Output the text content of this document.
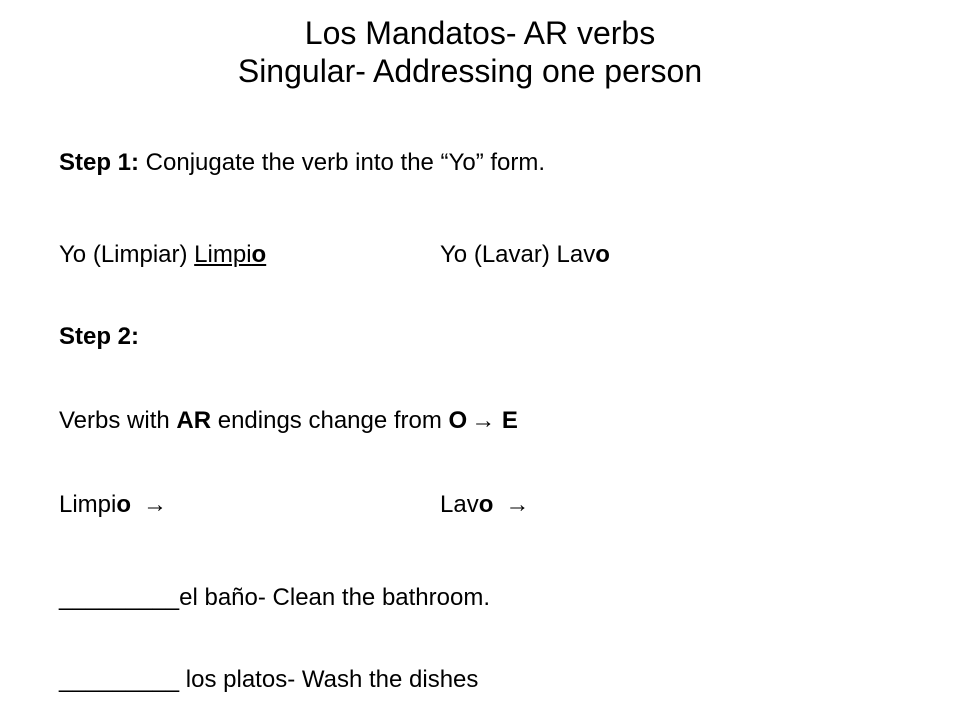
Los Mandatos- AR verbs
Singular- Addressing one person
Step 1: Conjugate the verb into the “Yo” form.
Yo (Limpiar) Limpio	Yo (Lavar) Lavo
Step 2:
Verbs with AR endings change from O → E
Limpio →	Lavo →
_________el baño- Clean the bathroom.
_________ los platos- Wash the dishes
